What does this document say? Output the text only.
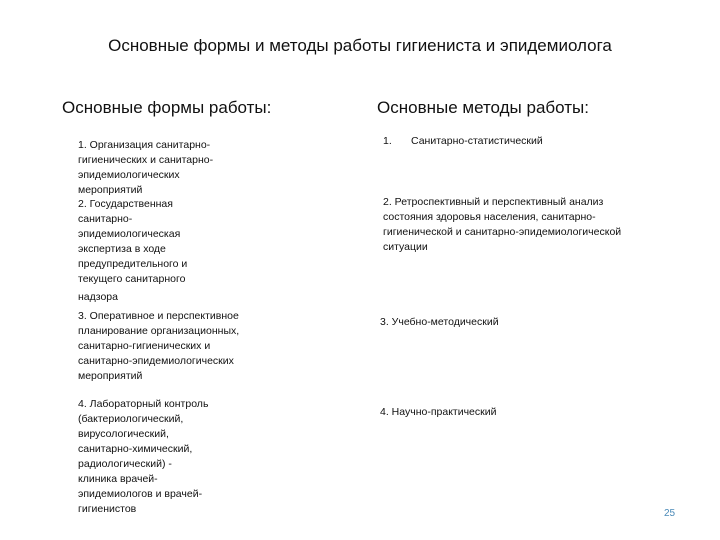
Основные формы и методы работы гигиениста и эпидемиолога
Основные формы работы:	Основные методы работы:
1. Организация санитарно-
гигиенических и санитарно-
эпидемиологических
мероприятий
2. Государственная
санитарно-
эпидемиологическая
экспертиза в ходе
предупредительного и
текущего санитарного
надзора
3. Оперативное и перспективное
планирование организационных,
санитарно-гигиенических и
санитарно-эпидемиологических
мероприятий
4. Лабораторный контроль
(бактериологический,
вирусологический,
санитарно-химический,
радиологический) -
клиника врачей-
эпидемиологов и врачей-
гигиенистов
1. Санитарно-статистический
2. Ретроспективный и перспективный анализ
состояния здоровья населения, санитарно-
гигиенической и санитарно-эпидемиологической
ситуации
3. Учебно-методический
4. Научно-практический
25
